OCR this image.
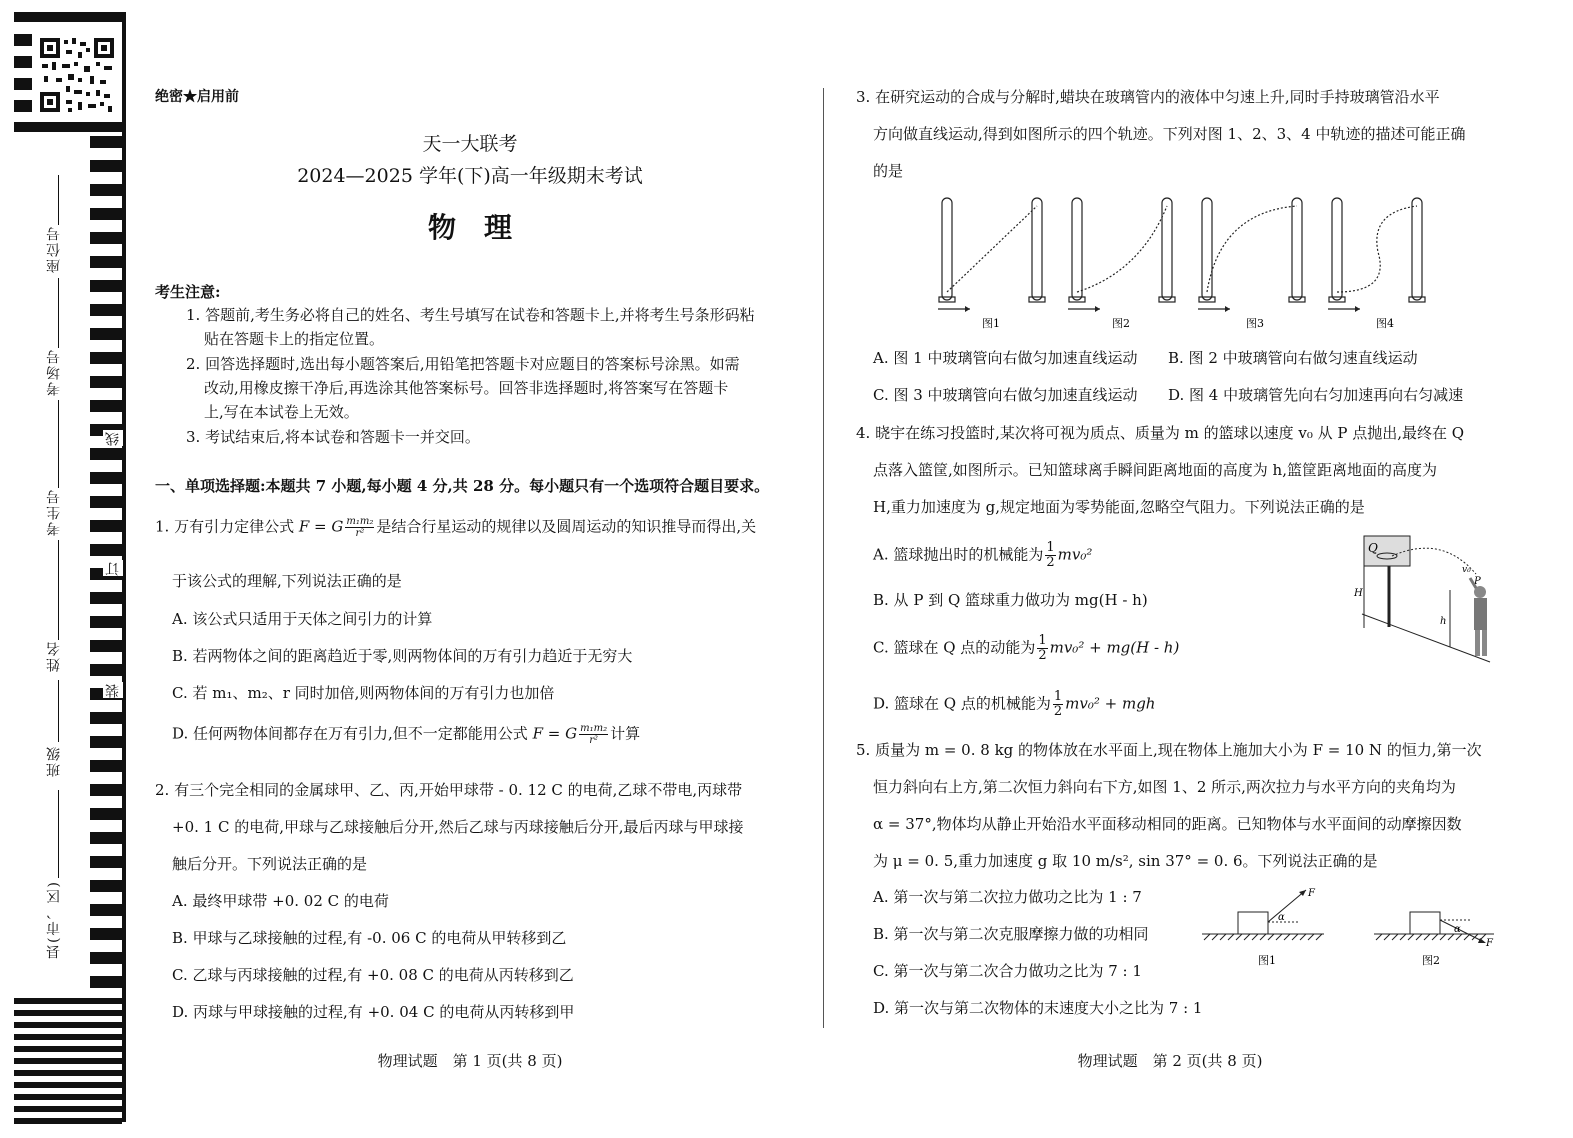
座位号
考场号
考生号
姓名
班级
县(市、区)
线
订
装
绝密★启用前
天一大联考
2024—2025 学年(下)高一年级期末考试
物　理
考生注意:
1. 答题前,考生务必将自己的姓名、考生号填写在试卷和答题卡上,并将考生号条形码粘
贴在答题卡上的指定位置。
2. 回答选择题时,选出每小题答案后,用铅笔把答题卡对应题目的答案标号涂黑。如需
改动,用橡皮擦干净后,再选涂其他答案标号。回答非选择题时,将答案写在答题卡
上,写在本试卷上无效。
3. 考试结束后,将本试卷和答题卡一并交回。
一、单项选择题:本题共 7 小题,每小题 4 分,共 28 分。每小题只有一个选项符合题目要求。
1. 万有引力定律公式 F = G $\frac{\text{m₁m₂}}{\text{r²}}$ 是结合行星运动的规律以及圆周运动的知识推导而得出,关
于该公式的理解,下列说法正确的是
A. 该公式只适用于天体之间引力的计算
B. 若两物体之间的距离趋近于零,则两物体间的万有引力趋近于无穷大
C. 若 m₁、m₂、r 同时加倍,则两物体间的万有引力也加倍
D. 任何两物体间都存在万有引力,但不一定都能用公式 F = G $\frac{\text{m₁m₂}}{\text{r²}}$ 计算
2. 有三个完全相同的金属球甲、乙、丙,开始甲球带 - 0. 12 C 的电荷,乙球不带电,丙球带
+0. 1 C 的电荷,甲球与乙球接触后分开,然后乙球与丙球接触后分开,最后丙球与甲球接
触后分开。下列说法正确的是
A. 最终甲球带 +0. 02 C 的电荷
B. 甲球与乙球接触的过程,有 -0. 06 C 的电荷从甲转移到乙
C. 乙球与丙球接触的过程,有 +0. 08 C 的电荷从丙转移到乙
D. 丙球与甲球接触的过程,有 +0. 04 C 的电荷从丙转移到甲
物理试题　第 1 页(共 8 页)
3. 在研究运动的合成与分解时,蜡块在玻璃管内的液体中匀速上升,同时手持玻璃管沿水平
方向做直线运动,得到如图所示的四个轨迹。下列对图 1、2、3、4 中轨迹的描述可能正确
的是
图1	图2	图3	图4
A. 图 1 中玻璃管向右做匀加速直线运动 B. 图 2 中玻璃管向右做匀速直线运动
C. 图 3 中玻璃管向右做匀加速直线运动 D. 图 4 中玻璃管先向右匀加速再向右匀减速
4. 晓宇在练习投篮时,某次将可视为质点、质量为 m 的篮球以速度 v₀ 从 P 点抛出,最终在 Q
点落入篮筐,如图所示。已知篮球离手瞬间距离地面的高度为 h,篮筐距离地面的高度为
H,重力加速度为 g,规定地面为零势能面,忽略空气阻力。下列说法正确的是
A. 篮球抛出时的机械能为 $\frac{1}{2} mv_0^2$
B. 从 P 到 Q 篮球重力做功为 mg(H - h)
C. 篮球在 Q 点的动能为 $\frac{1}{2} mv_0^2 + mg(H - h)$
D. 篮球在 Q 点的机械能为 $\frac{1}{2} mv_0^2$ + mgh
Q
v₀
P
H
h
5. 质量为 m = 0. 8 kg 的物体放在水平面上,现在物体上施加大小为 F = 10 N 的恒力,第一次
恒力斜向右上方,第二次恒力斜向右下方,如图 1、2 所示,两次拉力与水平方向的夹角均为
α = 37°,物体均从静止开始沿水平面移动相同的距离。已知物体与水平面间的动摩擦因数
为 μ = 0. 5,重力加速度 g 取 10 m/s², sin 37° = 0. 6。下列说法正确的是
A. 第一次与第二次拉力做功之比为 1 : 7
B. 第一次与第二次克服摩擦力做的功相同
C. 第一次与第二次合力做功之比为 7 : 1
D. 第一次与第二次物体的末速度大小之比为 7 : 1
F
α
图1
F
α
图2
物理试题　第 2 页(共 8 页)
